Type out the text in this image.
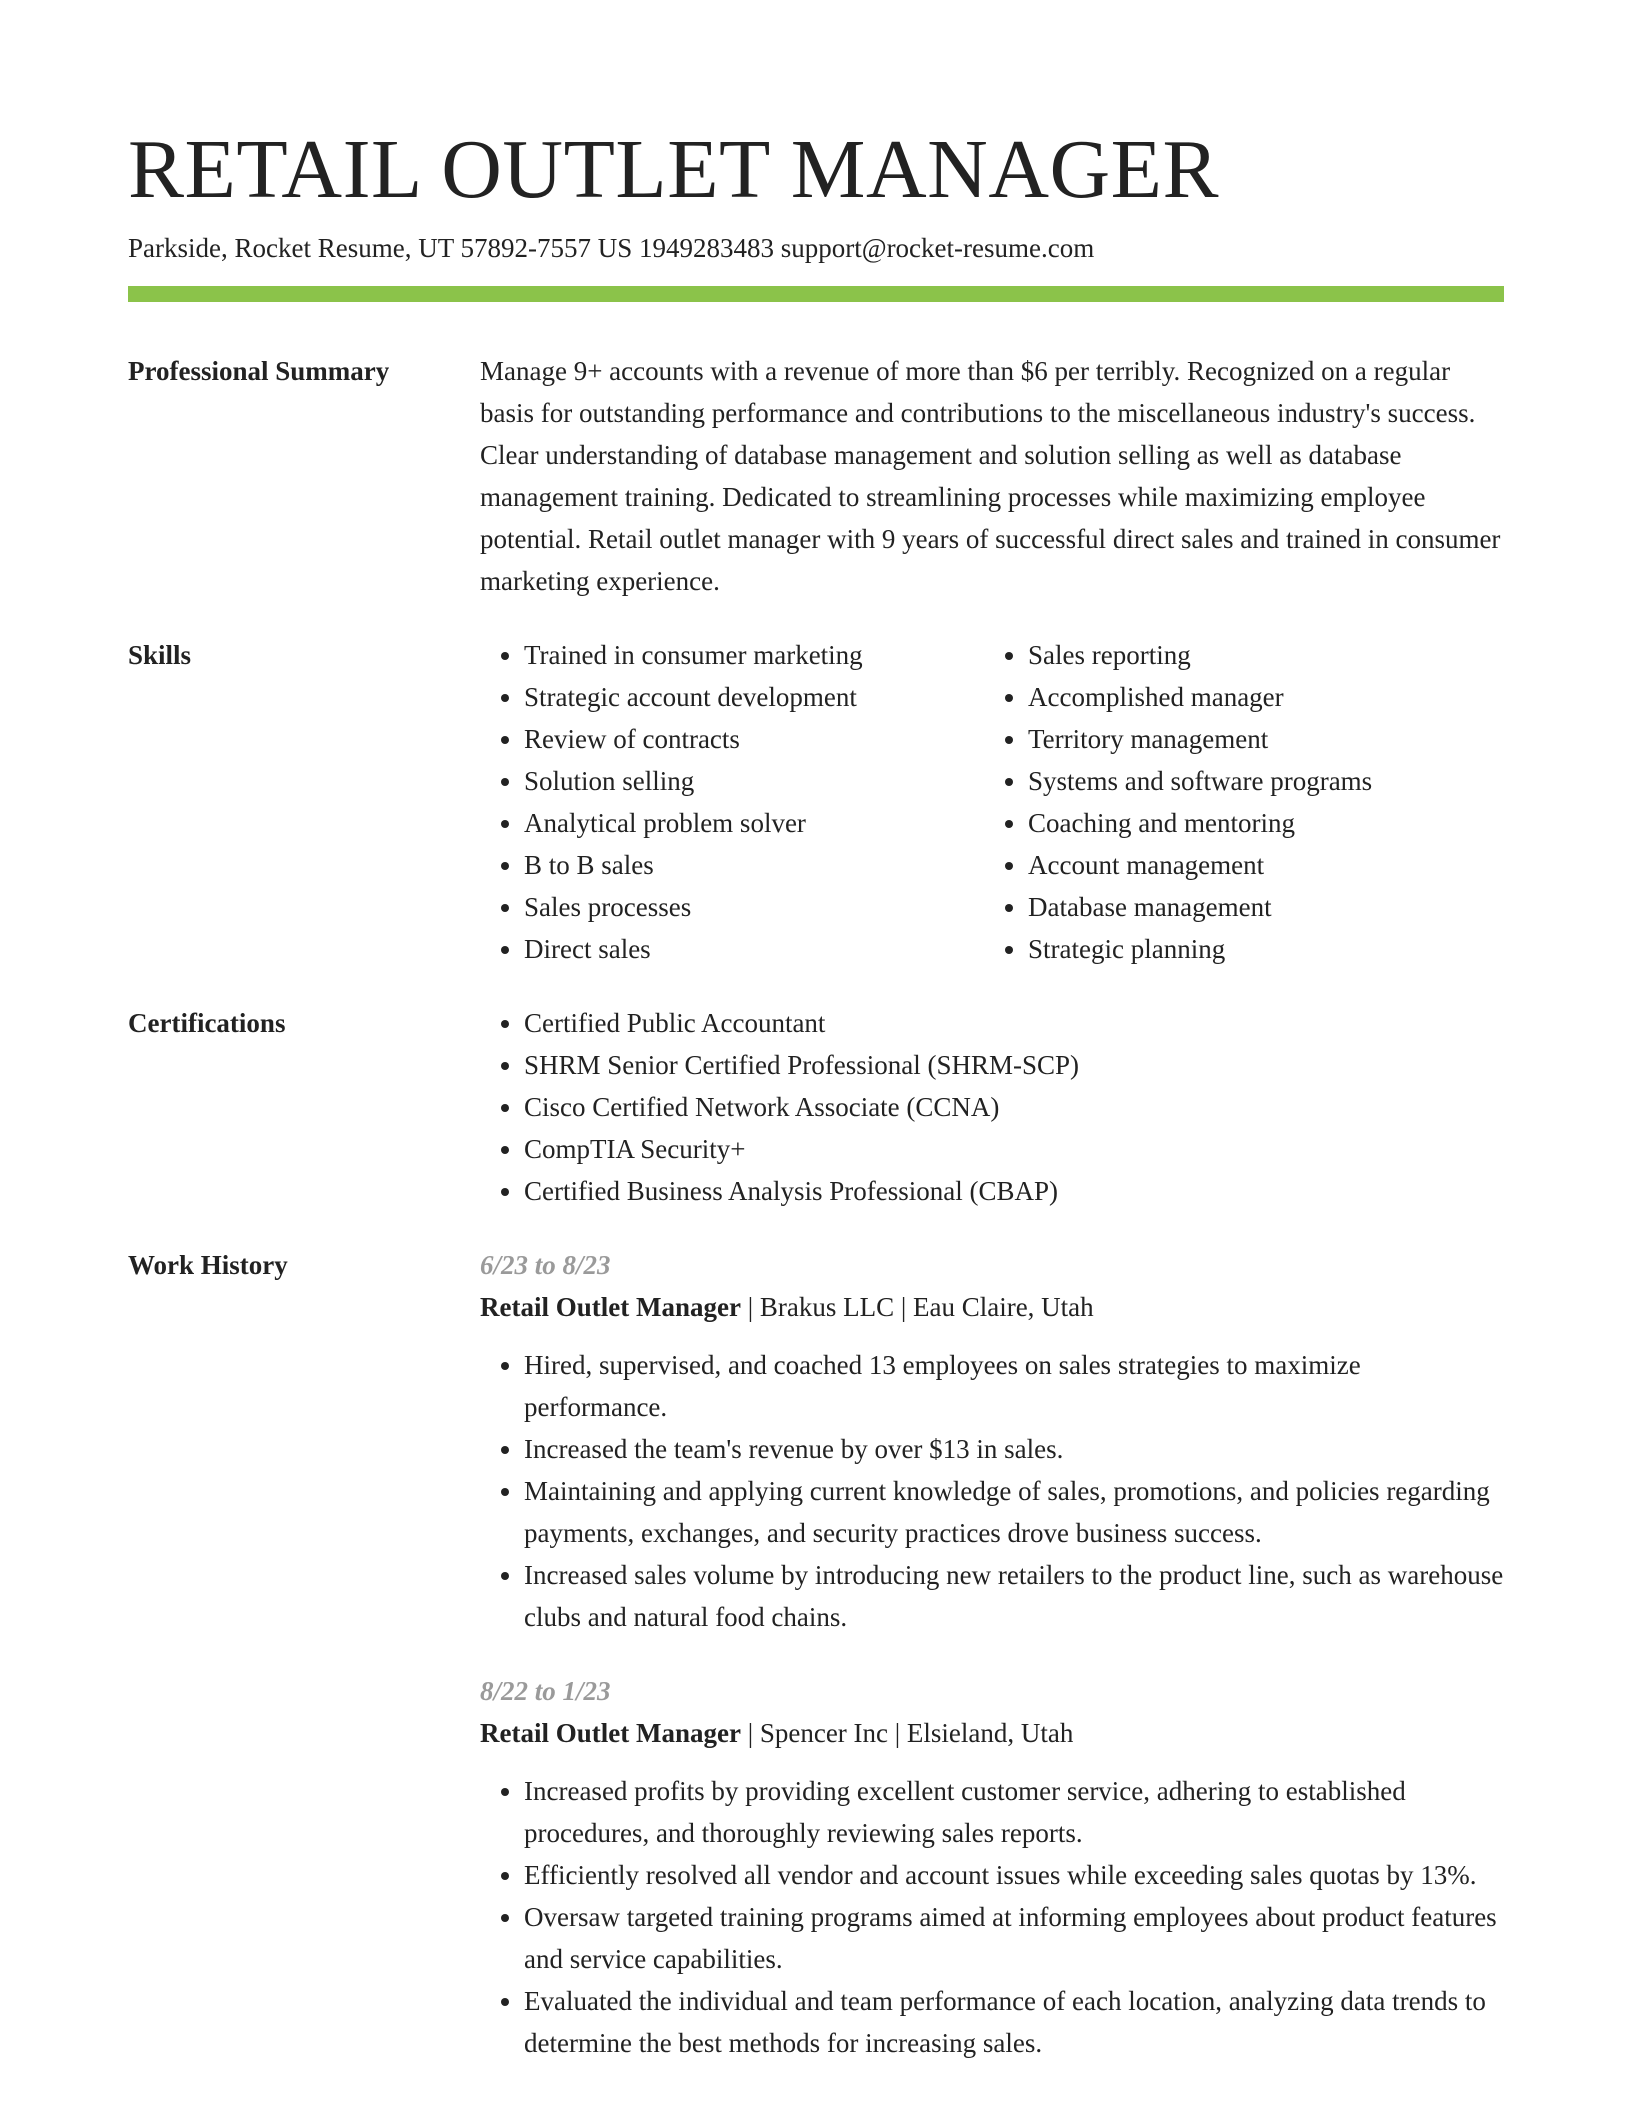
RETAIL OUTLET MANAGER
Parkside, Rocket Resume, UT 57892-7557 US 1949283483 support@rocket-resume.com
Professional Summary	Manage 9+ accounts with a revenue of more than $6 per terribly. Recognized on a regular basis for outstanding performance and contributions to the miscellaneous industry's success. Clear understanding of database management and solution selling as well as database management training. Dedicated to streamlining processes while maximizing employee potential. Retail outlet manager with 9 years of successful direct sales and trained in consumer marketing experience.

Skills	• Trained in consumer marketing
• Strategic account development
• Review of contracts
• Solution selling
• Analytical problem solver
• B to B sales
• Sales processes
• Direct sales
• Sales reporting
• Accomplished manager
• Territory management
• Systems and software programs
• Coaching and mentoring
• Account management
• Database management
• Strategic planning
Certifications	• Certified Public Accountant
• SHRM Senior Certified Professional (SHRM-SCP)
• Cisco Certified Network Associate (CCNA)
• CompTIA Security+
• Certified Business Analysis Professional (CBAP)
Work History	6/23 to 8/23
Retail Outlet Manager | Brakus LLC | Eau Claire, Utah
• Hired, supervised, and coached 13 employees on sales strategies to maximize performance.
• Increased the team's revenue by over $13 in sales.
• Maintaining and applying current knowledge of sales, promotions, and policies regarding payments, exchanges, and security practices drove business success.
• Increased sales volume by introducing new retailers to the product line, such as warehouse clubs and natural food chains.
8/22 to 1/23
Retail Outlet Manager | Spencer Inc | Elsieland, Utah
• Increased profits by providing excellent customer service, adhering to established procedures, and thoroughly reviewing sales reports.
• Efficiently resolved all vendor and account issues while exceeding sales quotas by 13%.
• Oversaw targeted training programs aimed at informing employees about product features and service capabilities.
• Evaluated the individual and team performance of each location, analyzing data trends to determine the best methods for increasing sales.
